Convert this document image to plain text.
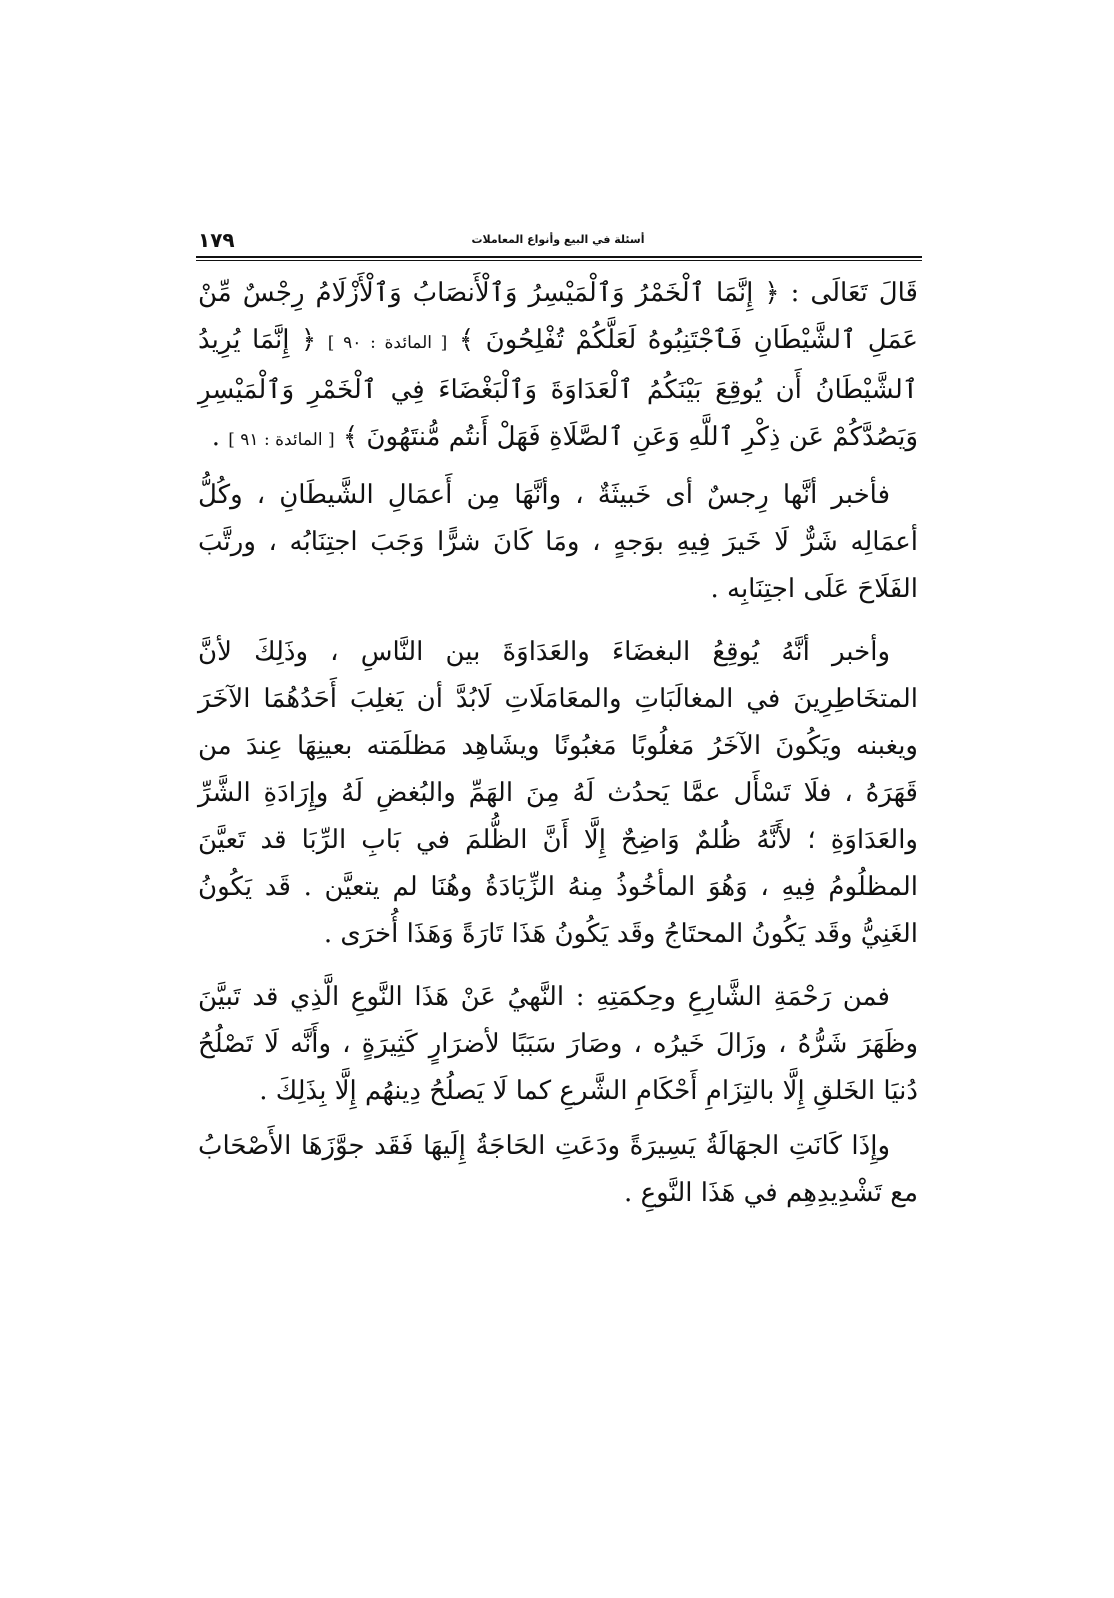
١٧٩	أسئلة في البيع وأنواع المعاملات

قَالَ تَعَالَى : ﴿ إِنَّمَا ٱلْخَمْرُ وَٱلْمَيْسِرُ وَٱلْأَنصَابُ وَٱلْأَزْلَامُ رِجْسٌ مِّنْ عَمَلِ ٱلشَّيْطَانِ فَٱجْتَنِبُوهُ لَعَلَّكُمْ تُفْلِحُونَ ﴾ [ المائدة : ٩٠ ] ﴿ إِنَّمَا يُرِيدُ ٱلشَّيْطَانُ أَن يُوقِعَ بَيْنَكُمُ ٱلْعَدَاوَةَ وَٱلْبَغْضَاءَ فِي ٱلْخَمْرِ وَٱلْمَيْسِرِ وَيَصُدَّكُمْ عَن ذِكْرِ ٱللَّهِ وَعَنِ ٱلصَّلَاةِ فَهَلْ أَنتُم مُّنتَهُونَ ﴾ [ المائدة : ٩١ ] .

فأخبر أنَّها رِجسٌ أى خَبيثَةٌ ، وأنَّهَا مِن أَعمَالِ الشَّيطَانِ ، وكُلُّ أعمَالِه شَرٌّ لَا خَيرَ فِيهِ بوَجهٍ ، ومَا كَانَ شرًّا وَجَبَ اجتِنَابُه ، ورتَّبَ الفَلَاحَ عَلَى اجتِنَابِه .

وأخبر أنَّهُ يُوقِعُ البغضَاءَ والعَدَاوَةَ بين النَّاسِ ، وذَلِكَ لأنَّ المتخَاطِرِينَ في المغالَبَاتِ والمعَامَلَاتِ لَابُدَّ أن يَغلِبَ أَحَدُهُمَا الآخَرَ ويغبنه ويَكُونَ الآخَرُ مَغلُوبًا مَغبُونًا ويشَاهِد مَظلَمَته بعينِهَا عِندَ من قَهَرَهُ ، فلَا تَسْأَل عمَّا يَحدُث لَهُ مِنَ الهَمِّ والبُغضِ لَهُ وإِرَادَةِ الشَّرِّ والعَدَاوَةِ ؛ لأَنَّهُ ظُلمٌ وَاضِحٌ إِلَّا أَنَّ الظُّلمَ في بَابِ الرِّبَا قد تَعيَّنَ المظلُومُ فِيهِ ، وَهُوَ المأخُوذُ مِنهُ الزِّيَادَةُ وهُنَا لم يتعيَّن . قَد يَكُونُ الغَنِيُّ وقَد يَكُونُ المحتَاجُ وقَد يَكُونُ هَذَا تَارَةً وَهَذَا أُخرَى .

فمن رَحْمَةِ الشَّارِعِ وحِكمَتِهِ : النَّهيُ عَنْ هَذَا النَّوعِ الَّذِي قد تَبيَّنَ وظَهَرَ شَرُّهُ ، وزَالَ خَيرُه ، وصَارَ سَبَبًا لأضرَارٍ كَثِيرَةٍ ، وأَنَّه لَا تَصْلُحُ دُنيَا الخَلقِ إِلَّا بالتِزَامِ أَحْكَامِ الشَّرعِ كما لَا يَصلُحُ دِينهُم إِلَّا بِذَلِكَ .

وإِذَا كَانَتِ الجهَالَةُ يَسِيرَةً ودَعَتِ الحَاجَةُ إِلَيهَا فَقَد جوَّزَهَا الأَصْحَابُ مع تَشْدِيدِهِم في هَذَا النَّوعِ .
